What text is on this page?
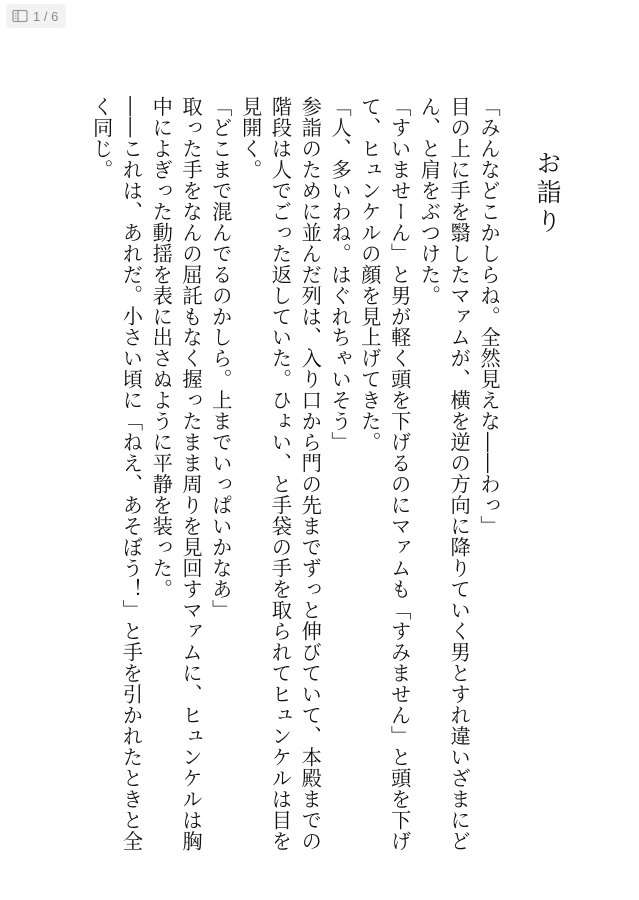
1 / 6
お詣り

「みんなどこかしらね。全然見えな――わっ」

目の上に手を翳したマァムが、横を逆の方向に降りていく男とすれ違いざまにどん、と肩をぶつけた。

「すいませーん」と男が軽く頭を下げるのにマァムも「すみません」と頭を下げて、ヒュンケルの顔を見上げてきた。

「人、多いわね。はぐれちゃいそう」

参詣のために並んだ列は、入り口から門の先までずっと伸びていて、本殿までの階段は人でごった返していた。ひょい、と手袋の手を取られてヒュンケルは目を見開く。

「どこまで混んでるのかしら。上までいっぱいかなあ」

取った手をなんの屈託もなく握ったまま周りを見回すマァムに、ヒュンケルは胸中によぎった動揺を表に出さぬように平静を装った。

――これは、あれだ。小さい頃に「ねえ、あそぼう！」と手を引かれたときと全く同じ。
